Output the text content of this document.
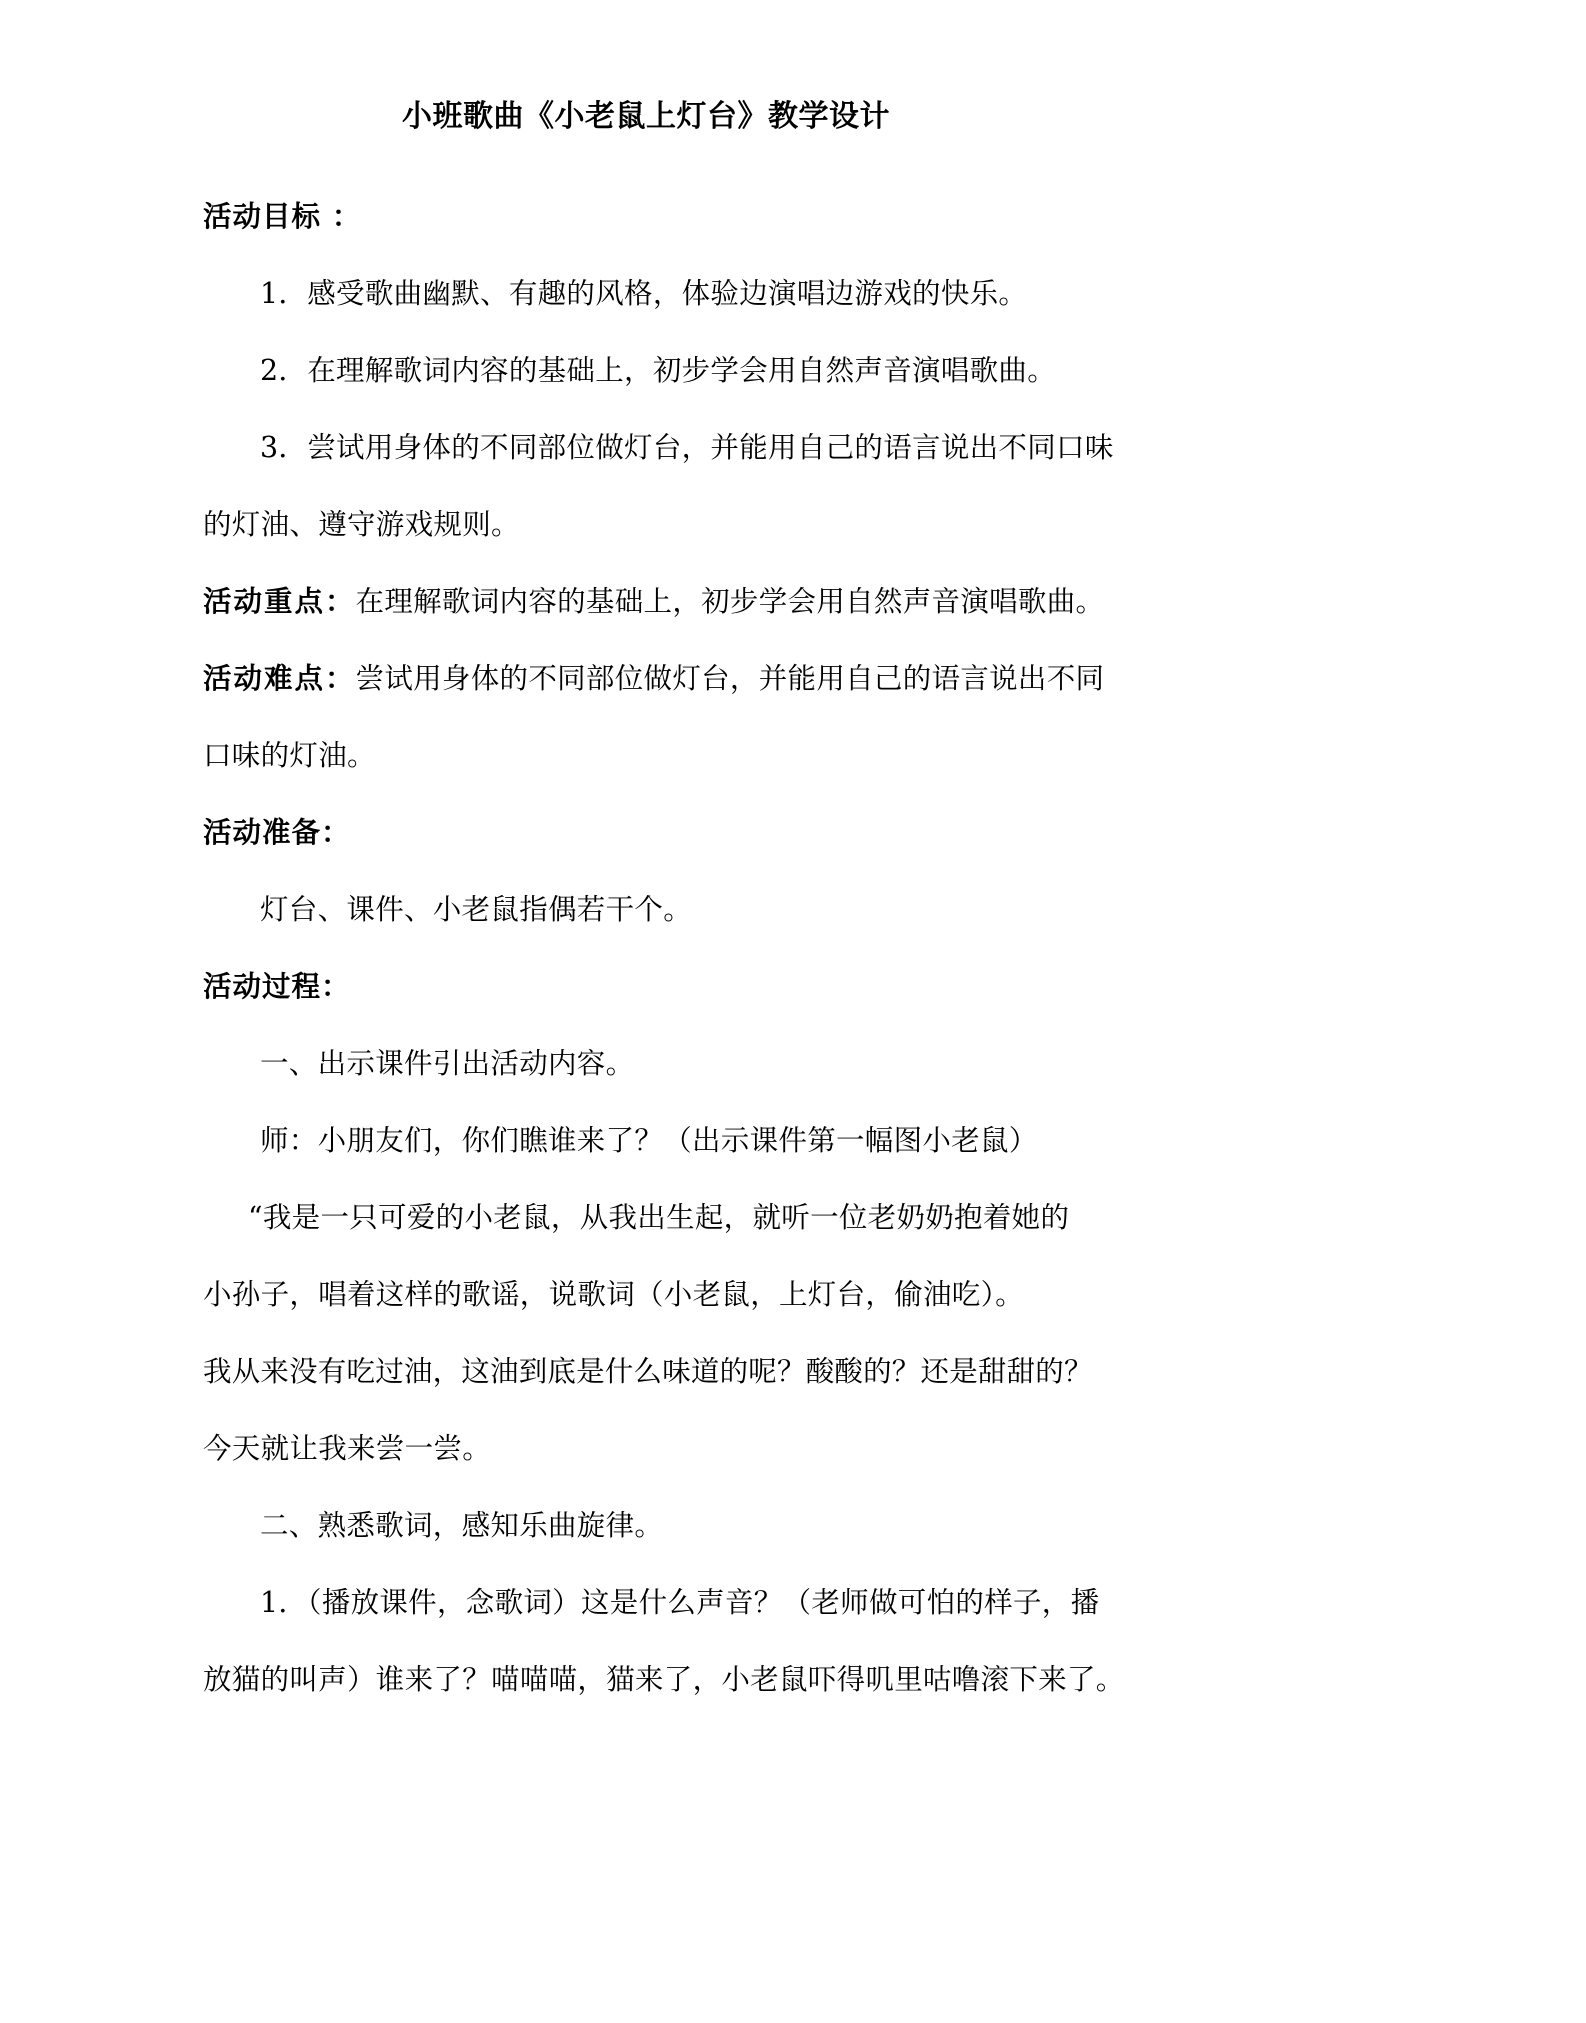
小班歌曲《小老鼠上灯台》教学设计

活动目标 ：

1．感受歌曲幽默、有趣的风格，体验边演唱边游戏的快乐。

2．在理解歌词内容的基础上，初步学会用自然声音演唱歌曲。

3．尝试用身体的不同部位做灯台，并能用自己的语言说出不同口味

的灯油、遵守游戏规则。

活动重点：在理解歌词内容的基础上，初步学会用自然声音演唱歌曲。

活动难点：尝试用身体的不同部位做灯台，并能用自己的语言说出不同

口味的灯油。

活动准备：

灯台、课件、小老鼠指偶若干个。

活动过程：

一、出示课件引出活动内容。

师：小朋友们，你们瞧谁来了？（出示课件第一幅图小老鼠）

“我是一只可爱的小老鼠，从我出生起，就听一位老奶奶抱着她的

小孙子，唱着这样的歌谣，说歌词（小老鼠，上灯台，偷油吃）。

我从来没有吃过油，这油到底是什么味道的呢？酸酸的？还是甜甜的？

今天就让我来尝一尝。

二、熟悉歌词，感知乐曲旋律。

1．（播放课件，念歌词）这是什么声音？（老师做可怕的样子，播

放猫的叫声）谁来了？喵喵喵，猫来了，小老鼠吓得叽里咕噜滚下来了。
